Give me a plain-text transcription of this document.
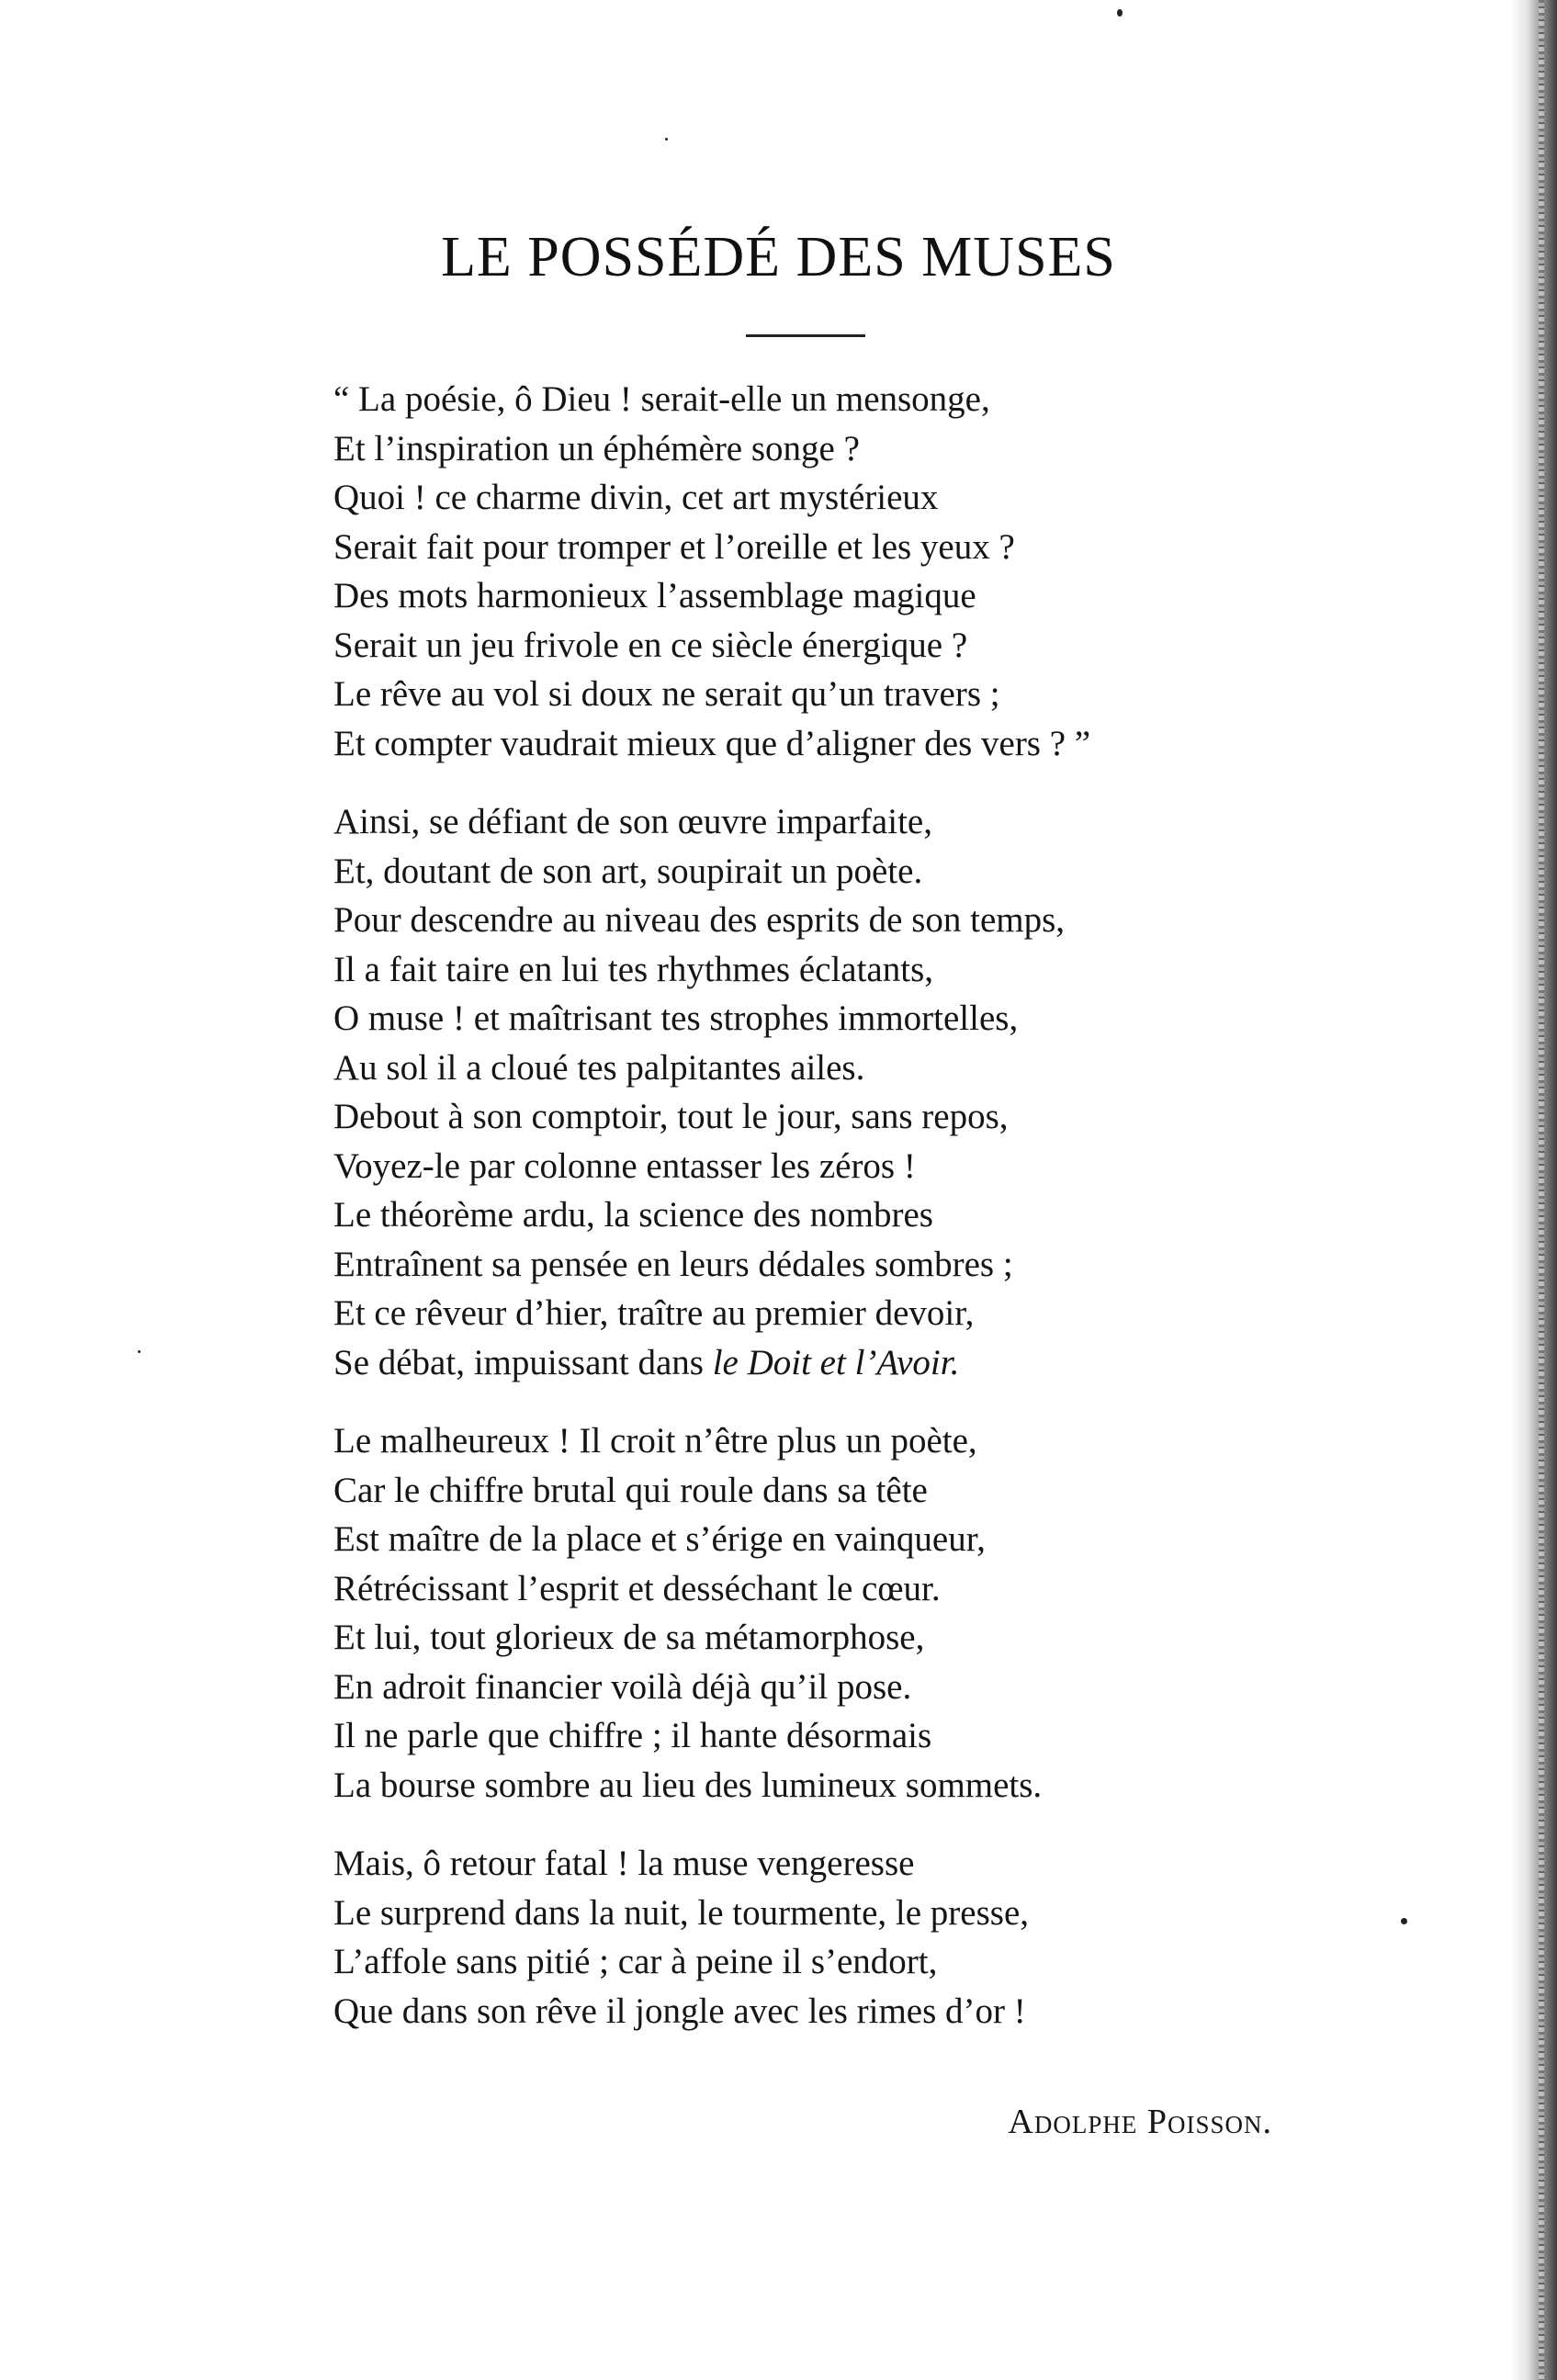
LE POSSÉDÉ DES MUSES
“ La poésie, ô Dieu ! serait-elle un mensonge,
Et l’inspiration un éphémère songe ?
Quoi ! ce charme divin, cet art mystérieux
Serait fait pour tromper et l’oreille et les yeux ?
Des mots harmonieux l’assemblage magique
Serait un jeu frivole en ce siècle énergique ?
Le rêve au vol si doux ne serait qu’un travers ;
Et compter vaudrait mieux que d’aligner des vers ? ”
Ainsi, se défiant de son œuvre imparfaite,
Et, doutant de son art, soupirait un poète.
Pour descendre au niveau des esprits de son temps,
Il a fait taire en lui tes rhythmes éclatants,
O muse ! et maîtrisant tes strophes immortelles,
Au sol il a cloué tes palpitantes ailes.
Debout à son comptoir, tout le jour, sans repos,
Voyez-le par colonne entasser les zéros !
Le théorème ardu, la science des nombres
Entraînent sa pensée en leurs dédales sombres ;
Et ce rêveur d’hier, traître au premier devoir,
Se débat, impuissant dans le Doit et l’Avoir.
Le malheureux ! Il croit n’être plus un poète,
Car le chiffre brutal qui roule dans sa tête
Est maître de la place et s’érige en vainqueur,
Rétrécissant l’esprit et desséchant le cœur.
Et lui, tout glorieux de sa métamorphose,
En adroit financier voilà déjà qu’il pose.
Il ne parle que chiffre ; il hante désormais
La bourse sombre au lieu des lumineux sommets.
Mais, ô retour fatal ! la muse vengeresse
Le surprend dans la nuit, le tourmente, le presse,
L’affole sans pitié ; car à peine il s’endort,
Que dans son rêve il jongle avec les rimes d’or !
Adolphe Poisson.
